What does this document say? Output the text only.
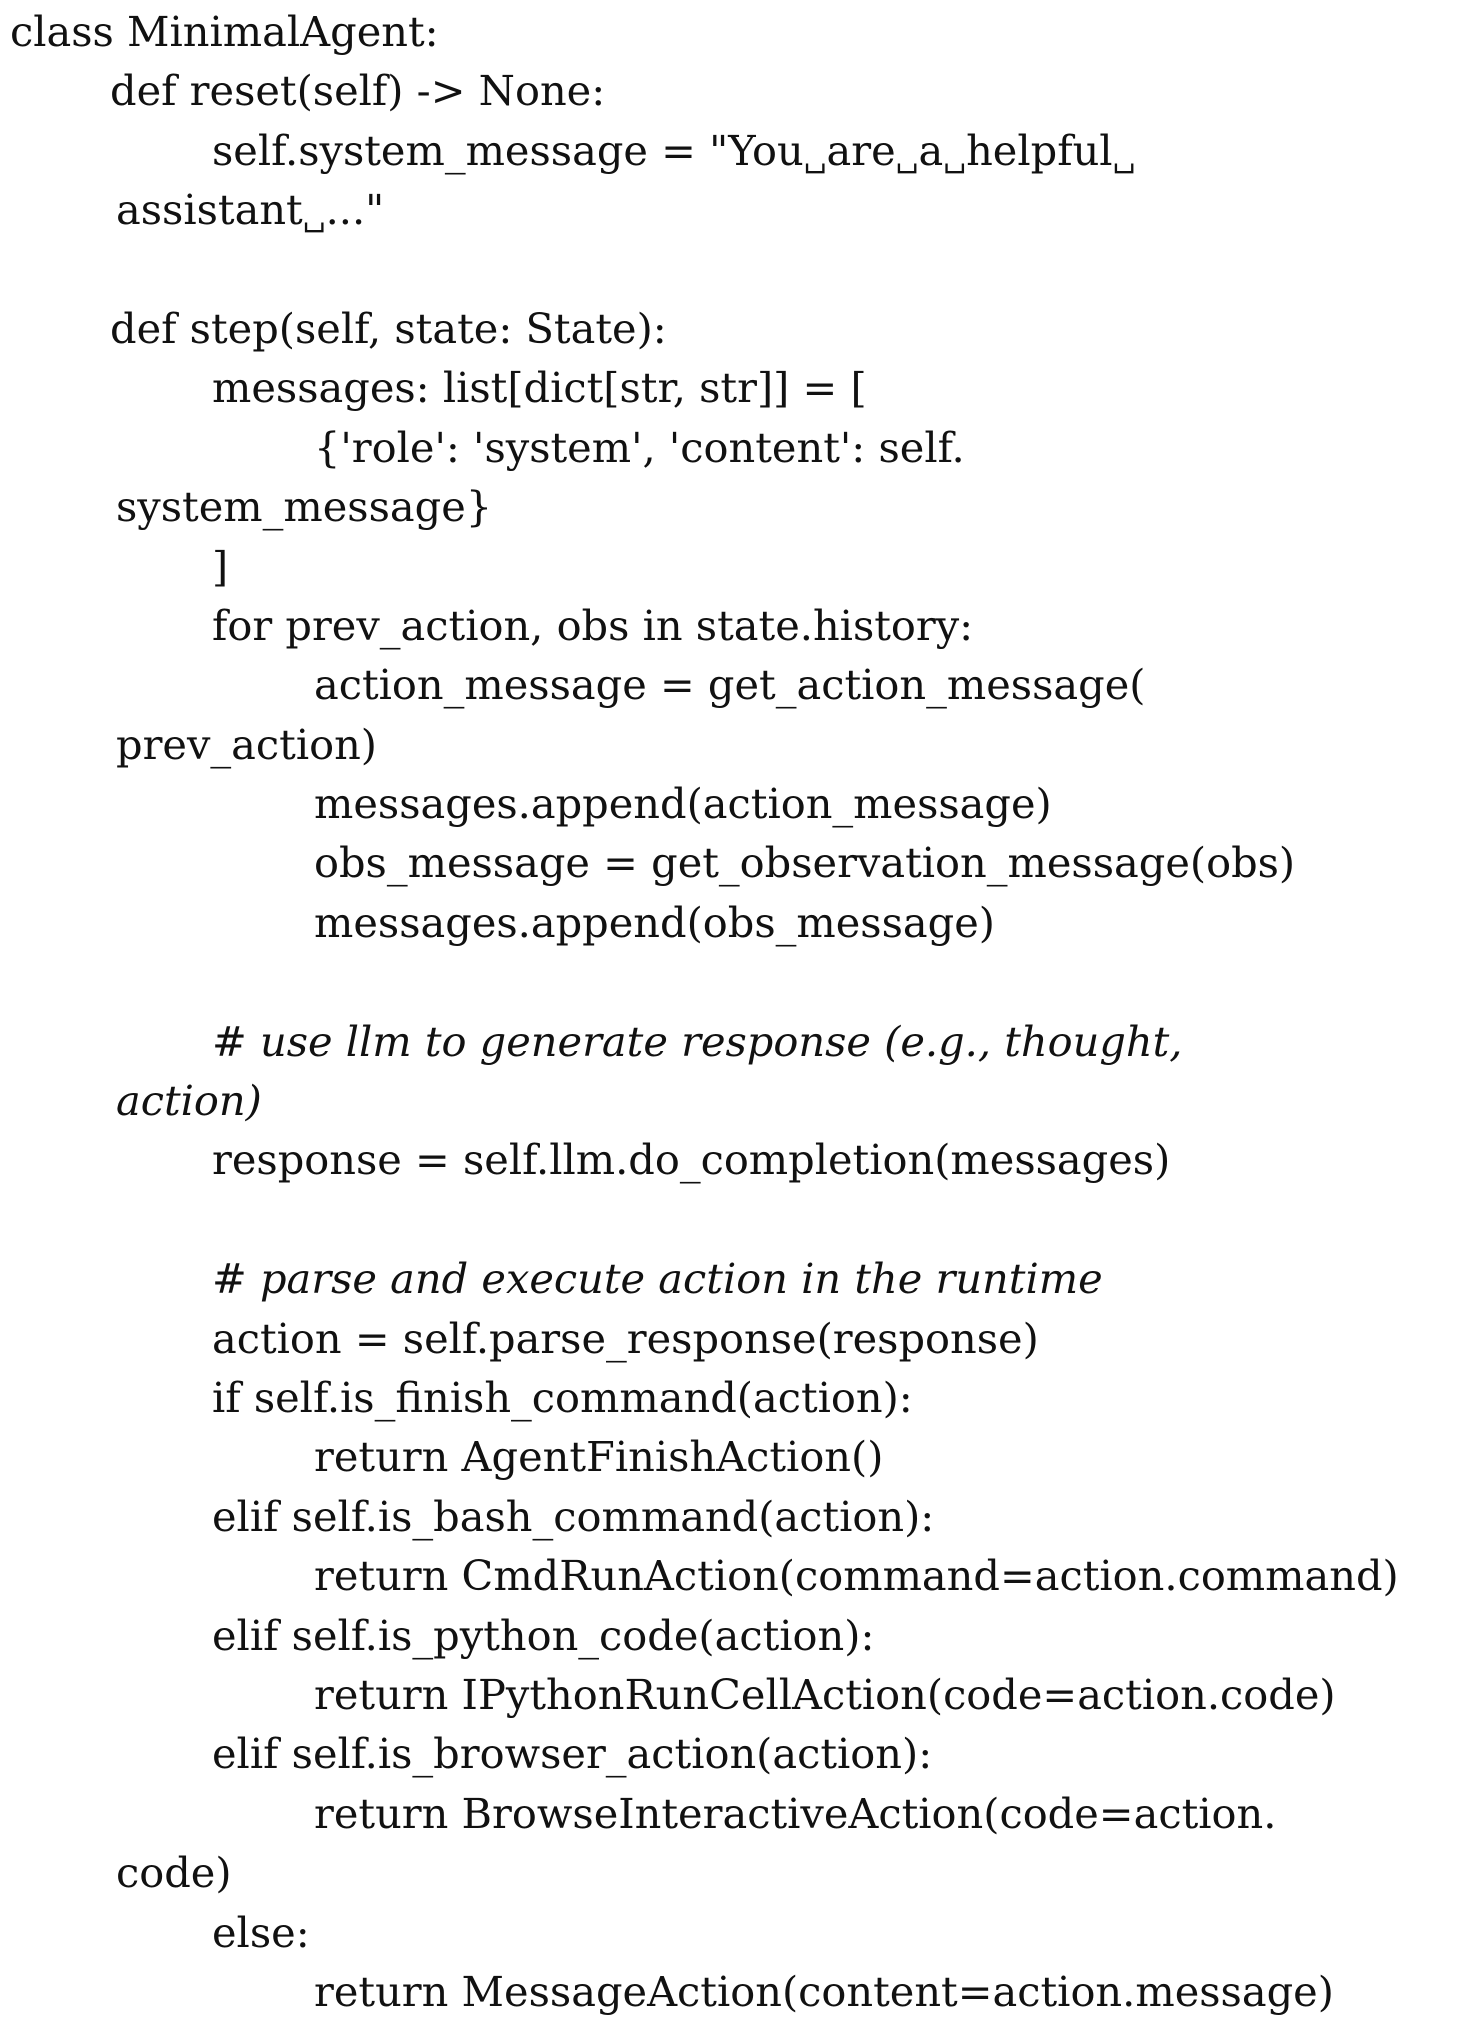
class MinimalAgent:
def reset(self) -> None:
self.system_message = "You␣are␣a␣helpful␣
assistant␣..."
def step(self, state: State):
messages: list[dict[str, str]] = [
{'role': 'system', 'content': self.
system_message}
]
for prev_action, obs in state.history:
action_message = get_action_message(
prev_action)
messages.append(action_message)
obs_message = get_observation_message(obs)
messages.append(obs_message)
# use llm to generate response (e.g., thought,
action)
response = self.llm.do_completion(messages)
# parse and execute action in the runtime
action = self.parse_response(response)
if self.is_finish_command(action):
return AgentFinishAction()
elif self.is_bash_command(action):
return CmdRunAction(command=action.command)
elif self.is_python_code(action):
return IPythonRunCellAction(code=action.code)
elif self.is_browser_action(action):
return BrowseInteractiveAction(code=action.
code)
else:
return MessageAction(content=action.message)
